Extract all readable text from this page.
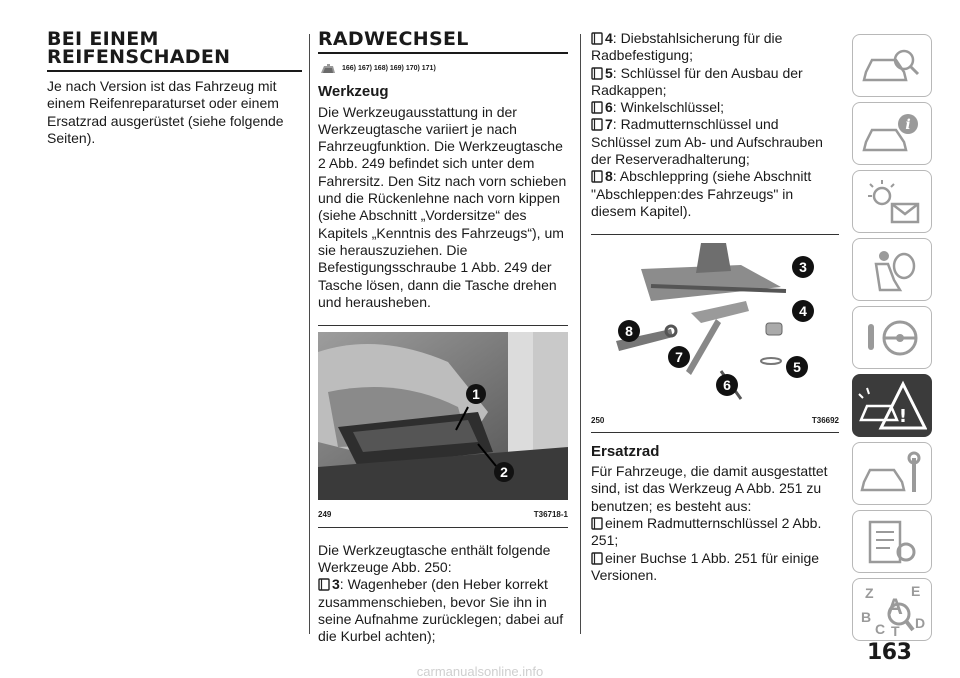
BEI EINEM
REIFENSCHADEN

Je nach Version ist das Fahrzeug mit einem Reifenreparaturset oder einem Ersatzrad ausgerüstet (siehe folgende Seiten).

RADWECHSEL
166) 167) 168) 169) 170) 171)
Werkzeug

Die Werkzeugausstattung in der Werkzeugtasche variiert je nach Fahrzeugfunktion. Die Werkzeugtasche 2 Abb. 249 befindet sich unter dem Fahrersitz. Den Sitz nach vorn schieben und die Rückenlehne nach vorn kippen (siehe Abschnitt „Vordersitze“ des Kapitels „Kenntnis des Fahrzeugs“), um sie herauszuziehen. Die Befestigungsschraube 1 Abb. 249 der Tasche lösen, dann die Tasche drehen und herausheben.

1
2
249	T36718-1

Die Werkzeugtasche enthält folgende Werkzeuge Abb. 250:

3: Wagenheber (den Heber korrekt zusammenschieben, bevor Sie ihn in seine Aufnahme zurücklegen; dabei auf die Kurbel achten);
4: Diebstahlsicherung für die Radbefestigung;
5: Schlüssel für den Ausbau der Radkappen;
6: Winkelschlüssel;
7: Radmutternschlüssel und Schlüssel zum Ab- und Aufschrauben der Reserveradhalterung;
8: Abschleppring (siehe Abschnitt "Abschleppen:des Fahrzeugs" in diesem Kapitel).
3
4
5
6
7
8
250	T36692
Ersatzrad

Für Fahrzeuge, die damit ausgestattet sind, ist das Werkzeug A Abb. 251 zu benutzen; es besteht aus:

einem Radmutternschlüssel 2 Abb. 251;
einer Buchse 1 Abb. 251 für einige Versionen.
i
!
Z	E
A
B
C D
T
163
carmanualsonline.info
